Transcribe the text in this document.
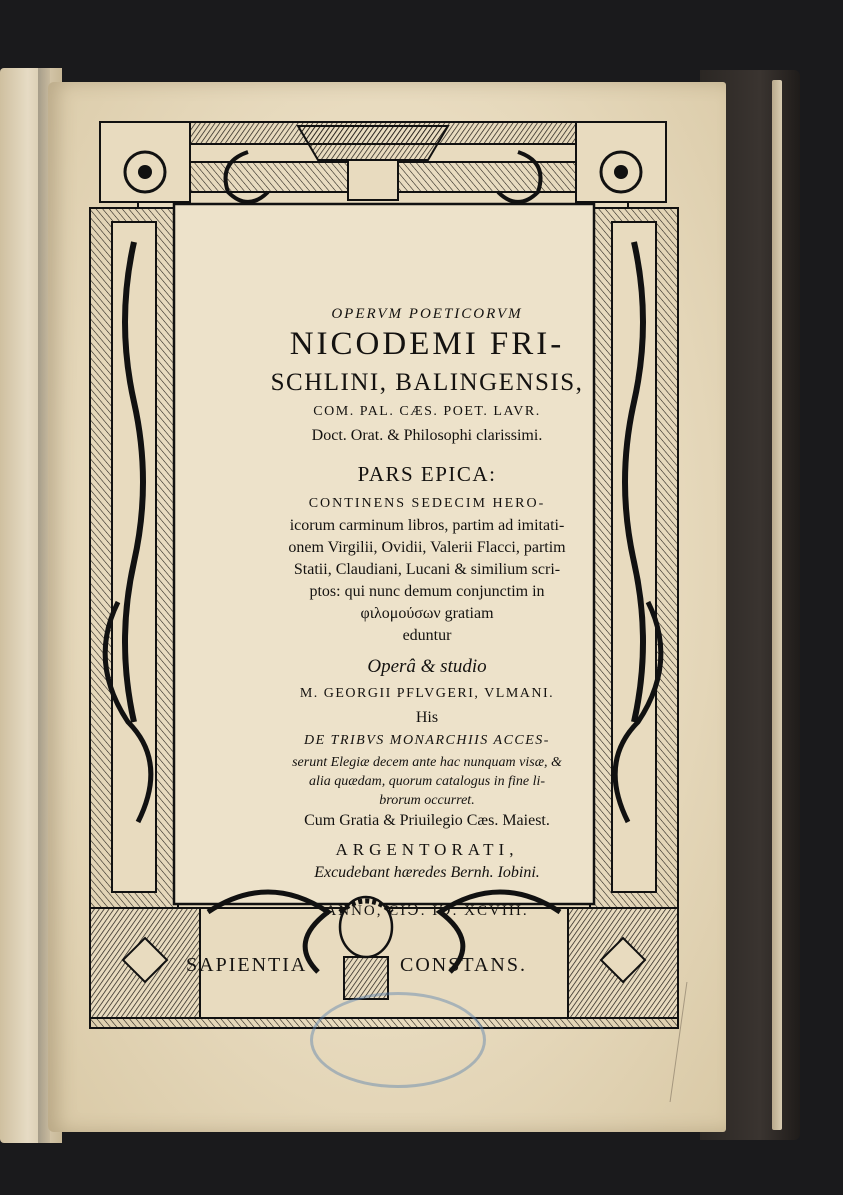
OPERVM POETICORVM
NICODEMI FRI-
SCHLINI, BALINGENSIS,
COM. PAL. CÆS. POET. LAVR.
Doct. Orat. & Philosophi clarissimi.
PARS EPICA:
CONTINENS SEDECIM HERO-
icorum carminum libros, partim ad imitati-
onem Virgilii, Ovidii, Valerii Flacci, partim
Statii, Claudiani, Lucani & similium scri-
ptos: qui nunc demum conjunctim in
φιλομούσων gratiam
eduntur
Operâ & studio
M. GEORGII PFLVGERI, VLMANI.
His
DE TRIBVS MONARCHIIS ACCES-
serunt Elegiæ decem ante hac nunquam visæ, &
alia quædam, quorum catalogus in fine li-
brorum occurret.
Cum Gratia & Priuilegio Cæs. Maiest.
ARGENTORATI,
Excudebant hæredes Bernh. Iobini.
ANNO, CIↃ. IↃ. XCVIII.
SAPIENTIA	CONSTANS.
